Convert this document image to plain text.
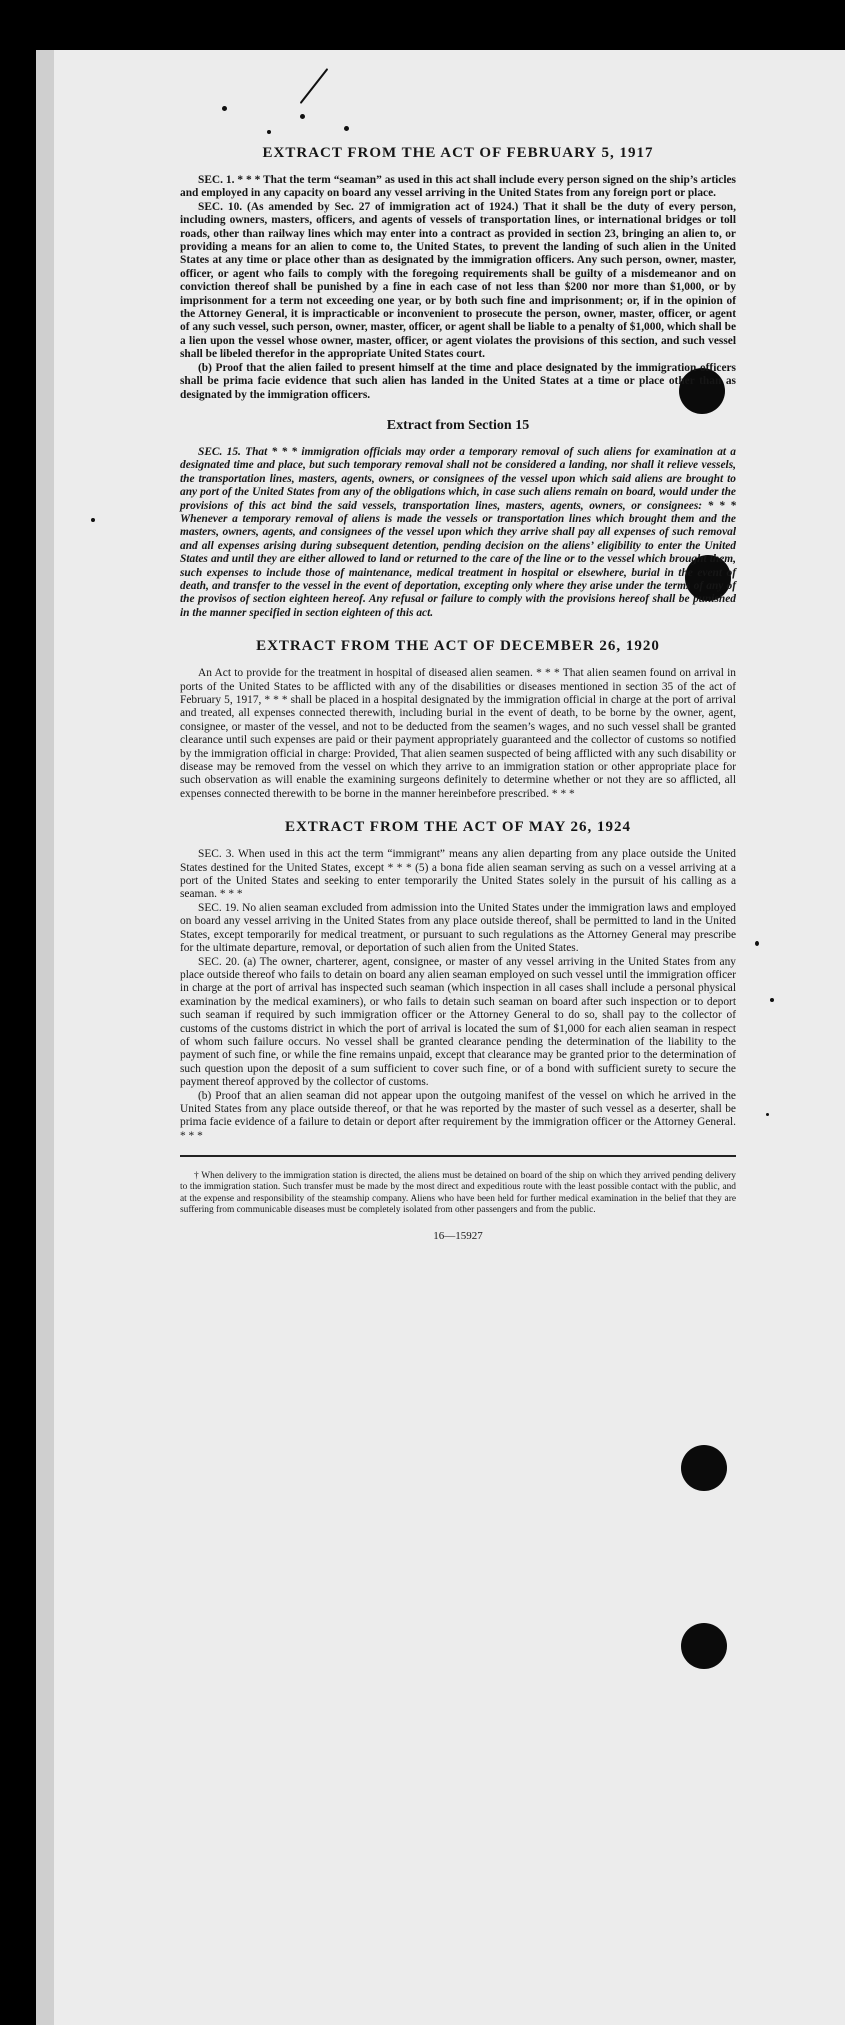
EXTRACT FROM THE ACT OF FEBRUARY 5, 1917

SEC. 1. * * * That the term “seaman” as used in this act shall include every person signed on the ship’s articles and employed in any capacity on board any vessel arriving in the United States from any foreign port or place.

SEC. 10. (As amended by Sec. 27 of immigration act of 1924.) That it shall be the duty of every person, including owners, masters, officers, and agents of vessels of transportation lines, or international bridges or toll roads, other than railway lines which may enter into a contract as provided in section 23, bringing an alien to, or providing a means for an alien to come to, the United States, to prevent the landing of such alien in the United States at any time or place other than as designated by the immigration officers. Any such person, owner, master, officer, or agent who fails to comply with the foregoing requirements shall be guilty of a misdemeanor and on conviction thereof shall be punished by a fine in each case of not less than $200 nor more than $1,000, or by imprisonment for a term not exceeding one year, or by both such fine and imprisonment; or, if in the opinion of the Attorney General, it is impracticable or inconvenient to prosecute the person, owner, master, officer, or agent of any such vessel, such person, owner, master, officer, or agent shall be liable to a penalty of $1,000, which shall be a lien upon the vessel whose owner, master, officer, or agent violates the provisions of this section, and such vessel shall be libeled therefor in the appropriate United States court.

(b) Proof that the alien failed to present himself at the time and place designated by the immigration officers shall be prima facie evidence that such alien has landed in the United States at a time or place other than as designated by the immigration officers.

Extract from Section 15

SEC. 15. That * * * immigration officials may order a temporary removal of such aliens for examination at a designated time and place, but such temporary removal shall not be considered a landing, nor shall it relieve vessels, the transportation lines, masters, agents, owners, or consignees of the vessel upon which said aliens are brought to any port of the United States from any of the obligations which, in case such aliens remain on board, would under the provisions of this act bind the said vessels, transportation lines, masters, agents, owners, or consignees: * * * Whenever a temporary removal of aliens is made the vessels or transportation lines which brought them and the masters, owners, agents, and consignees of the vessel upon which they arrive shall pay all expenses of such removal and all expenses arising during subsequent detention, pending decision on the aliens’ eligibility to enter the United States and until they are either allowed to land or returned to the care of the line or to the vessel which brought them, such expenses to include those of maintenance, medical treatment in hospital or elsewhere, burial in the event of death, and transfer to the vessel in the event of deportation, excepting only where they arise under the terms of any of the provisos of section eighteen hereof. Any refusal or failure to comply with the provisions hereof shall be punished in the manner specified in section eighteen of this act.

EXTRACT FROM THE ACT OF DECEMBER 26, 1920

An Act to provide for the treatment in hospital of diseased alien seamen. * * * That alien seamen found on arrival in ports of the United States to be afflicted with any of the disabilities or diseases mentioned in section 35 of the act of February 5, 1917, * * * shall be placed in a hospital designated by the immigration official in charge at the port of arrival and treated, all expenses connected therewith, including burial in the event of death, to be borne by the owner, agent, consignee, or master of the vessel, and not to be deducted from the seamen’s wages, and no such vessel shall be granted clearance until such expenses are paid or their payment appropriately guaranteed and the collector of customs so notified by the immigration official in charge: Provided, That alien seamen suspected of being afflicted with any such disability or disease may be removed from the vessel on which they arrive to an immigration station or other appropriate place for such observation as will enable the examining surgeons definitely to determine whether or not they are so afflicted, all expenses connected therewith to be borne in the manner hereinbefore prescribed. * * *

EXTRACT FROM THE ACT OF MAY 26, 1924

SEC. 3. When used in this act the term “immigrant” means any alien departing from any place outside the United States destined for the United States, except * * * (5) a bona fide alien seaman serving as such on a vessel arriving at a port of the United States and seeking to enter temporarily the United States solely in the pursuit of his calling as a seaman. * * *

SEC. 19. No alien seaman excluded from admission into the United States under the immigration laws and employed on board any vessel arriving in the United States from any place outside thereof, shall be permitted to land in the United States, except temporarily for medical treatment, or pursuant to such regulations as the Attorney General may prescribe for the ultimate departure, removal, or deportation of such alien from the United States.

SEC. 20. (a) The owner, charterer, agent, consignee, or master of any vessel arriving in the United States from any place outside thereof who fails to detain on board any alien seaman employed on such vessel until the immigration officer in charge at the port of arrival has inspected such seaman (which inspection in all cases shall include a personal physical examination by the medical examiners), or who fails to detain such seaman on board after such inspection or to deport such seaman if required by such immigration officer or the Attorney General to do so, shall pay to the collector of customs of the customs district in which the port of arrival is located the sum of $1,000 for each alien seaman in respect of whom such failure occurs. No vessel shall be granted clearance pending the determination of the liability to the payment of such fine, or while the fine remains unpaid, except that clearance may be granted prior to the determination of such question upon the deposit of a sum sufficient to cover such fine, or of a bond with sufficient surety to secure the payment thereof approved by the collector of customs.

(b) Proof that an alien seaman did not appear upon the outgoing manifest of the vessel on which he arrived in the United States from any place outside thereof, or that he was reported by the master of such vessel as a deserter, shall be prima facie evidence of a failure to detain or deport after requirement by the immigration officer or the Attorney General. * * *

† When delivery to the immigration station is directed, the aliens must be detained on board of the ship on which they arrived pending delivery to the immigration station. Such transfer must be made by the most direct and expeditious route with the least possible contact with the public, and at the expense and responsibility of the steamship company. Aliens who have been held for further medical examination in the belief that they are suffering from communicable diseases must be completely isolated from other passengers and from the public.

16—15927
